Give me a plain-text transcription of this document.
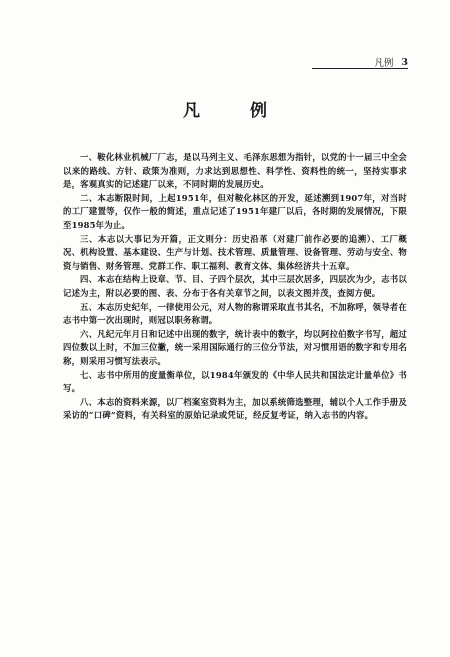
凡例 3
凡 例

一、鞍化林业机械厂厂志，是以马列主义、毛泽东思想为指针，以党的十一届三中全会以来的路线、方针、政策为准则，力求达到思想性、科学性、资料性的统一，坚持实事求是，客观真实的记述建厂以来，不同时期的发展历史。

二、本志断限时间，上起1951年，但对鞍化林区的开发，延述溯到1907年，对当时的工厂建置等，仅作一般的简述，重点记述了1951年建厂以后，各时期的发展情况，下限至1985年为止。

三、本志以大事记为开篇，正文则分：历史沿革（对建厂前作必要的追溯）、工厂概况、机构设置、基本建设、生产与计划、技术管理、质量管理、设备管理、劳动与安全、物资与销售、财务管理、党群工作、职工福利、教育文体、集体经济共十五章。

四、本志在结构上设章、节、目、子四个层次，其中三层次居多，四层次为少，志书以记述为主，附以必要的图、表、分布于各有关章节之间，以表文图并茂，查阅方便。

五、本志历史纪年，一律使用公元，对人物的称谓采取直书其名，不加称呼，领导者在志书中第一次出现时，则冠以职务称谓。

六、凡纪元年月日和记述中出现的数字，统计表中的数字，均以阿拉伯数字书写，超过四位数以上时，不加三位撇，统一采用国际通行的三位分节法，对习惯用语的数字和专用名称，则采用习惯写法表示。

七、志书中所用的度量衡单位，以1984年颁发的《中华人民共和国法定计量单位》书写。

八、本志的资料来源，以厂档案室资料为主，加以系统筛选整理，辅以个人工作手册及采访的“口碑”资料，有关科室的原始记录或凭证，经反复考证，纳入志书的内容。
